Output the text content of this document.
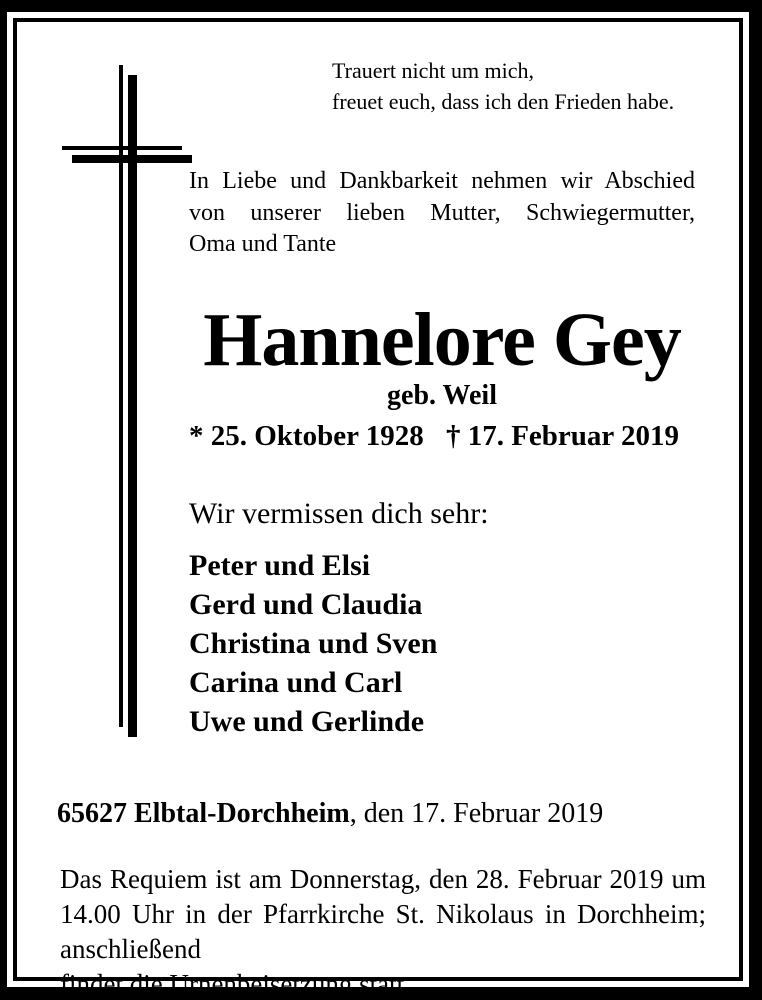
Trauert nicht um mich,
freuet euch, dass ich den Frieden habe.
In Liebe und Dankbarkeit nehmen wir Abschied
von unserer lieben Mutter, Schwiegermutter,
Oma und Tante
Hannelore Gey
geb. Weil
* 25. Oktober 1928 † 17. Februar 2019
Wir vermissen dich sehr:
Peter und Elsi
Gerd und Claudia
Christina und Sven
Carina und Carl
Uwe und Gerlinde
65627 Elbtal-Dorchheim, den 17. Februar 2019
Das Requiem ist am Donnerstag, den 28. Februar 2019 um
14.00 Uhr in der Pfarrkirche St. Nikolaus in Dorchheim; anschließend
findet die Urnenbeisetzung statt.
